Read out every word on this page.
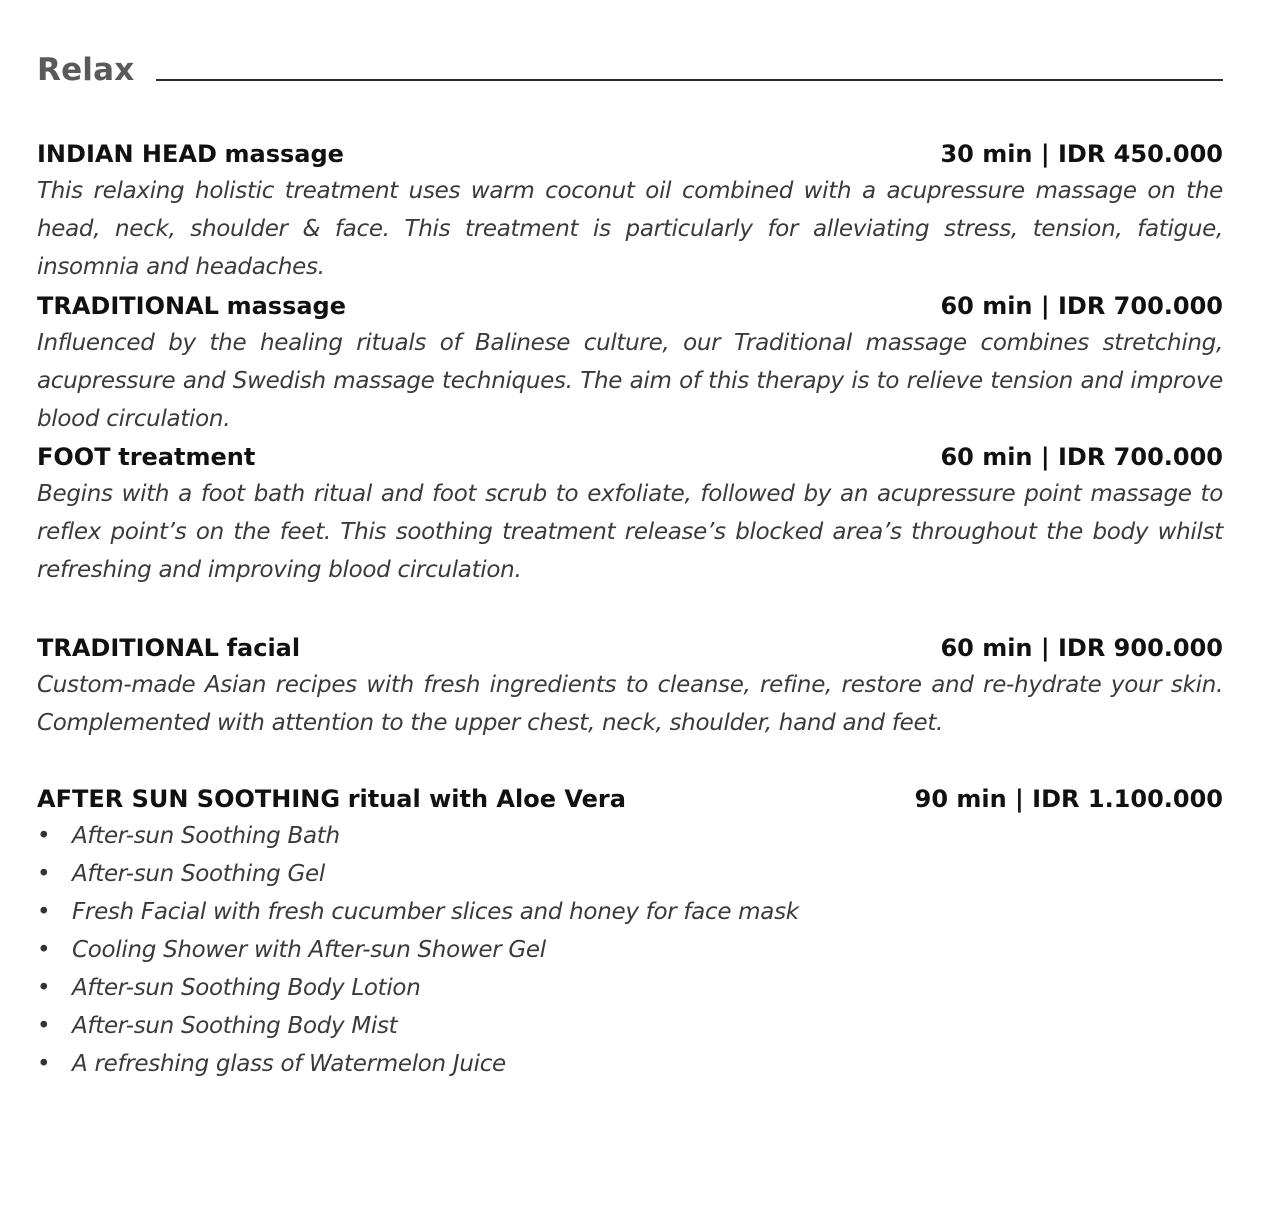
Relax
INDIAN HEAD massage	30 min | IDR 450.000

This relaxing holistic treatment uses warm coconut oil combined with a acupressure massage on the head, neck, shoulder & face. This treatment is particularly for alleviating stress, tension, fatigue, insomnia and headaches.

TRADITIONAL massage	60 min | IDR 700.000

Influenced by the healing rituals of Balinese culture, our Traditional massage combines stretching, acupressure and Swedish massage techniques. The aim of this therapy is to relieve tension and improve blood circulation.

FOOT treatment	60 min | IDR 700.000

Begins with a foot bath ritual and foot scrub to exfoliate, followed by an acupressure point massage to reflex point’s on the feet. This soothing treatment release’s blocked area’s throughout the body whilst refreshing and improving blood circulation.

TRADITIONAL facial	60 min | IDR 900.000

Custom-made Asian recipes with fresh ingredients to cleanse, refine, restore and re-hydrate your skin. Complemented with attention to the upper chest, neck, shoulder, hand and feet.

AFTER SUN SOOTHING ritual with Aloe Vera	90 min | IDR 1.100.000
• After-sun Soothing Bath
• After-sun Soothing Gel
• Fresh Facial with fresh cucumber slices and honey for face mask
• Cooling Shower with After-sun Shower Gel
• After-sun Soothing Body Lotion
• After-sun Soothing Body Mist
• A refreshing glass of Watermelon Juice
